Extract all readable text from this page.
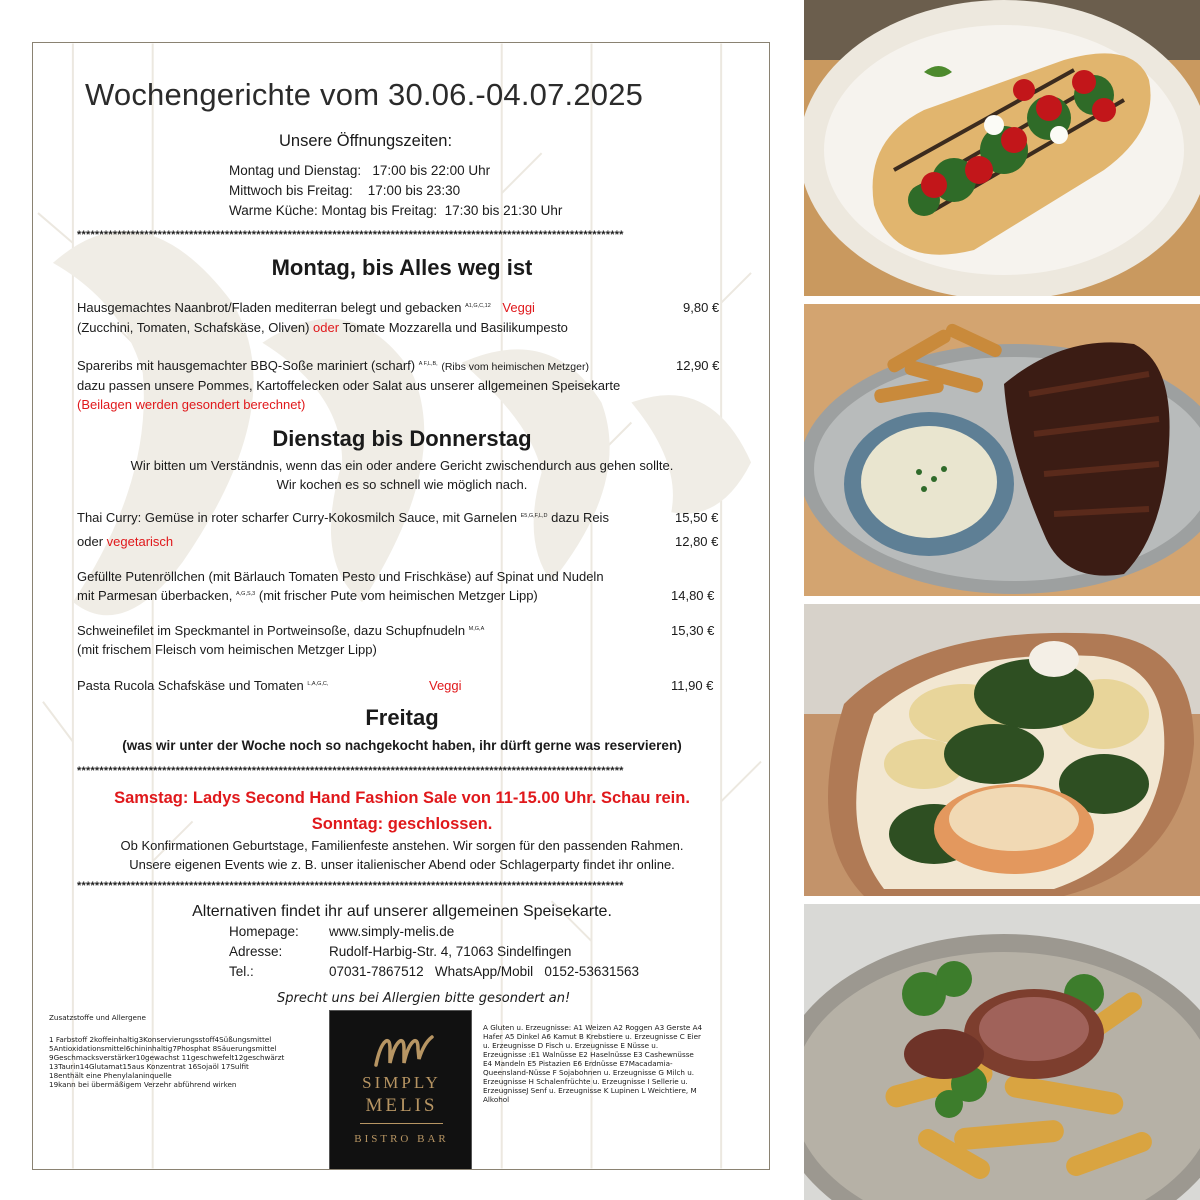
Wochengerichte vom 30.06.-04.07.2025
Unsere Öffnungszeiten:
Montag und Dienstag:   17:00 bis 22:00 Uhr
Mittwoch bis Freitag:    17:00 bis 23:30
Warme Küche: Montag bis Freitag:  17:30 bis 21:30 Uhr
**************************************************************************************************************************
Montag, bis Alles weg ist
Hausgemachtes Naanbrot/Fladen mediterran belegt und gebacken $^{A1,G,C,12}$ Veggi	9,80 €
(Zucchini, Tomaten, Schafskäse, Oliven) oder Tomate Mozzarella und Basilikumpesto
Spareribs mit hausgemachter BBQ-Soße mariniert (scharf) $^{A F,L,B,}$ (Ribs vom heimischen Metzger)	12,90 €
dazu passen unsere Pommes, Kartoffelecken oder Salat aus unserer allgemeinen Speisekarte
(Beilagen werden gesondert berechnet)
Dienstag bis Donnerstag
Wir bitten um Verständnis, wenn das ein oder andere Gericht zwischendurch aus gehen sollte.
Wir kochen es so schnell wie möglich nach.
Thai Curry: Gemüse in roter scharfer Curry-Kokosmilch Sauce, mit Garnelen $^{E5,G,F,L,D}$ dazu Reis	15,50 €
oder vegetarisch	12,80 €
Gefüllte Putenröllchen (mit Bärlauch Tomaten Pesto und Frischkäse) auf Spinat und Nudeln
mit Parmesan überbacken, $^{A,G,S,3}$ (mit frischer Pute vom heimischen Metzger Lipp)	14,80 €
Schweinefilet im Speckmantel in Portweinsoße, dazu Schupfnudeln $^{M,G,A}$	15,30 €
(mit frischem Fleisch vom heimischen Metzger Lipp)
Pasta Rucola Schafskäse und Tomaten $^{L,A,G,C,}$	Veggi	11,90 €
Freitag
(was wir unter der Woche noch so nachgekocht haben, ihr dürft gerne was reservieren)
**************************************************************************************************************************
Samstag: Ladys Second Hand Fashion Sale von 11-15.00 Uhr. Schau rein.
Sonntag: geschlossen.
Ob Konfirmationen Geburtstage, Familienfeste anstehen. Wir sorgen für den passenden Rahmen.
Unsere eigenen Events wie z. B. unser italienischer Abend oder Schlagerparty findet ihr online.
**************************************************************************************************************************
Alternativen findet ihr auf unserer allgemeinen Speisekarte.
Homepage: www.simply-melis.de
Adresse:	Rudolf-Harbig-Str. 4, 71063 Sindelfingen
Tel.:	07031-7867512   WhatsApp/Mobil   0152-53631563
Sprecht uns bei Allergien bitte gesondert an!
Zusatzstoffe und Allergene
1 Farbstoff 2koffeinhaltig3Konservierungsstoff4Süßungsmittel
5Antioxidationsmittel6chininhaltig7Phosphat 8Säuerungsmittel
9Geschmacksverstärker10gewachst 11geschwefelt12geschwärzt
13Taurin14Glutamat15aus Konzentrat 16Sojaöl 17Sulfit
18enthält eine Phenylalaninquelle
19kann bei übermäßigem Verzehr abführend wirken
A Gluten u. Erzeugnisse: A1 Weizen A2 Roggen A3 Gerste A4
Hafer A5 Dinkel A6 Kamut B Krebstiere u. Erzeugnisse C Eier
u. Erzeugnisse D Fisch u. Erzeugnisse E Nüsse u.
Erzeugnisse :E1 Walnüsse E2 Haselnüsse E3 Cashewnüsse
E4 Mandeln E5 Pistazien E6 Erdnüsse E7Macadamia-
Queensland-Nüsse F Sojabohnen u. Erzeugnisse G Milch u.
Erzeugnisse H Schalenfrüchte u. Erzeugnisse I Sellerie u.
ErzeugnisseJ Senf u. Erzeugnisse K Lupinen L Weichtiere, M
Alkohol
SIMPLY
MELIS
BISTRO BAR
